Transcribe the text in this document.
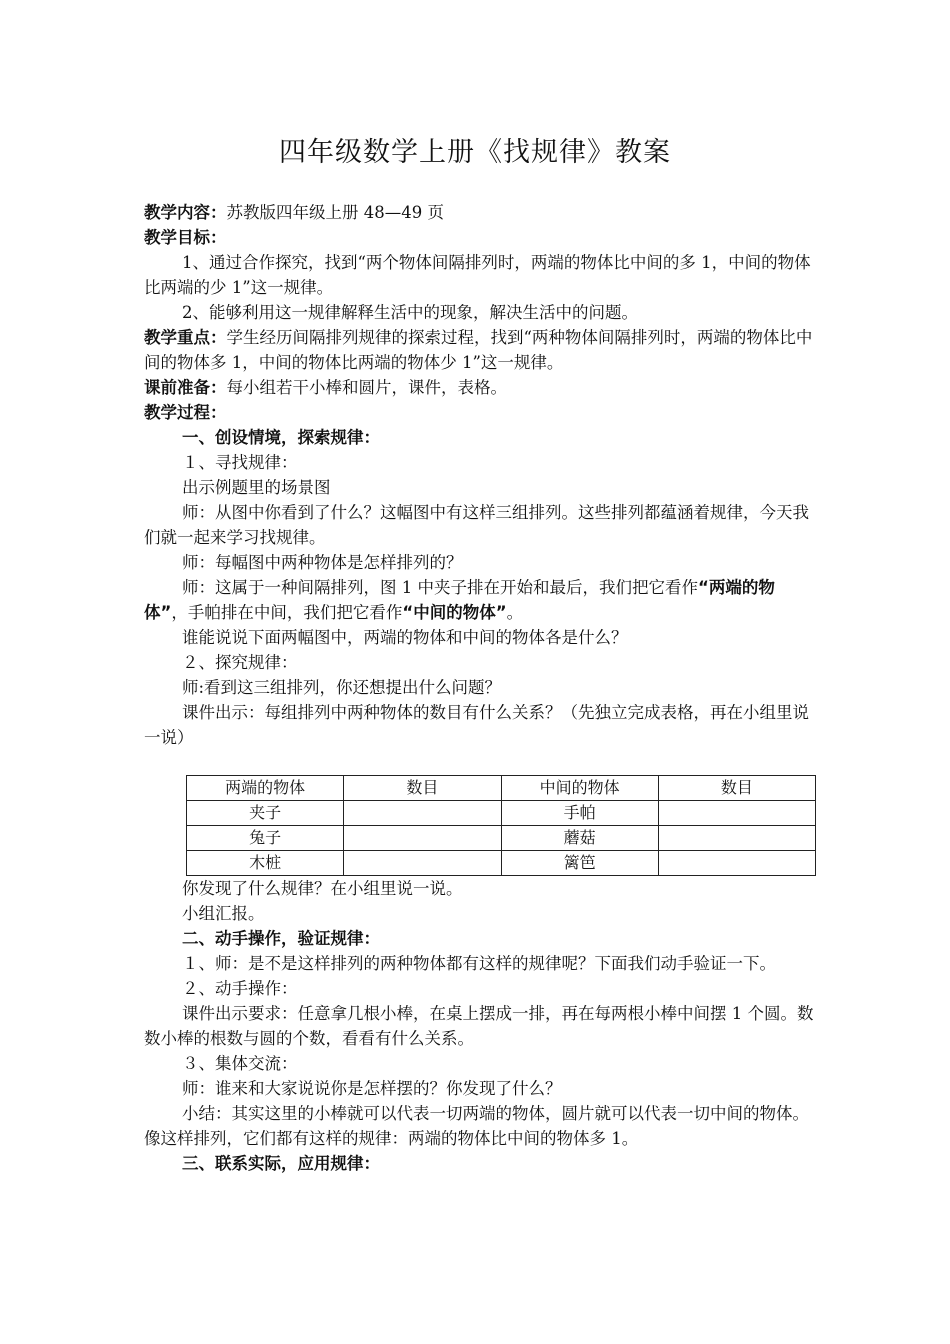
四年级数学上册《找规律》教案

教学内容：苏教版四年级上册 48—49 页

教学目标：

1、通过合作探究，找到“两个物体间隔排列时，两端的物体比中间的多 1，中间的物体比两端的少 1”这一规律。

2、能够利用这一规律解释生活中的现象，解决生活中的问题。

教学重点：学生经历间隔排列规律的探索过程，找到“两种物体间隔排列时，两端的物体比中间的物体多 1，中间的物体比两端的物体少 1”这一规律。

课前准备：每小组若干小棒和圆片，课件，表格。

教学过程：

一、创设情境，探索规律：

１、寻找规律：

出示例题里的场景图

师：从图中你看到了什么？这幅图中有这样三组排列。这些排列都蕴涵着规律，今天我们就一起来学习找规律。

师：每幅图中两种物体是怎样排列的？

师：这属于一种间隔排列，图 1 中夹子排在开始和最后，我们把它看作“两端的物体”，手帕排在中间，我们把它看作“中间的物体”。

谁能说说下面两幅图中，两端的物体和中间的物体各是什么？

２、探究规律：

师:看到这三组排列，你还想提出什么问题？

课件出示：每组排列中两种物体的数目有什么关系？（先独立完成表格，再在小组里说一说）

两端的物体	数目	中间的物体	数目
夹子		手帕	
兔子		蘑菇	
木桩		篱笆	

你发现了什么规律？在小组里说一说。

小组汇报。

二、动手操作，验证规律：

１、师：是不是这样排列的两种物体都有这样的规律呢？下面我们动手验证一下。

２、动手操作：

课件出示要求：任意拿几根小棒，在桌上摆成一排，再在每两根小棒中间摆 1 个圆。数数小棒的根数与圆的个数，看看有什么关系。

３、集体交流：

师：谁来和大家说说你是怎样摆的？你发现了什么？

小结：其实这里的小棒就可以代表一切两端的物体，圆片就可以代表一切中间的物体。像这样排列，它们都有这样的规律：两端的物体比中间的物体多 1。

三、联系实际，应用规律：
